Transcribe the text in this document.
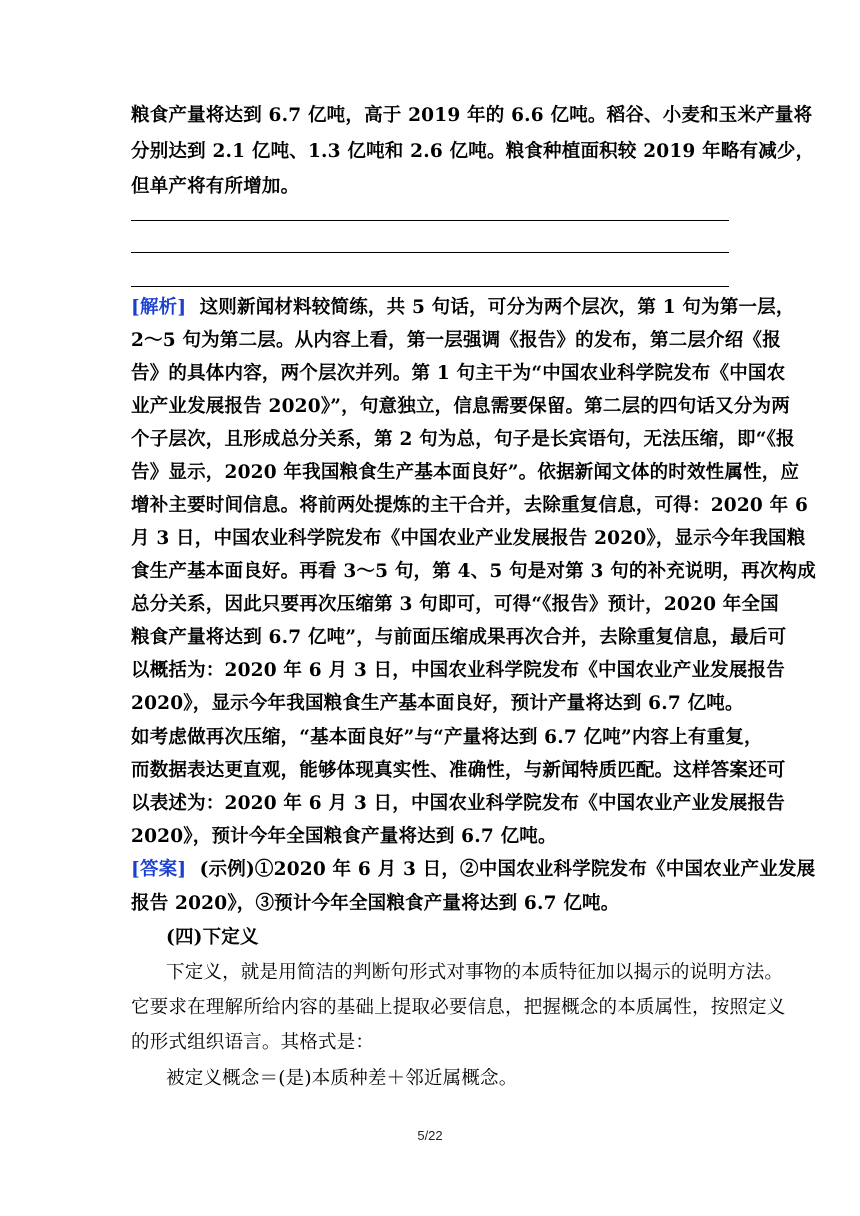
粮食产量将达到 6.7 亿吨，高于 2019 年的 6.6 亿吨。稻谷、小麦和玉米产量将
分别达到 2.1 亿吨、1.3 亿吨和 2.6 亿吨。粮食种植面积较 2019 年略有减少，
但单产将有所增加。
[解析] 这则新闻材料较简练，共 5 句话，可分为两个层次，第 1 句为第一层，
2～5 句为第二层。从内容上看，第一层强调《报告》的发布，第二层介绍《报
告》的具体内容，两个层次并列。第 1 句主干为“中国农业科学院发布《中国农
业产业发展报告 2020》”，句意独立，信息需要保留。第二层的四句话又分为两
个子层次，且形成总分关系，第 2 句为总，句子是长宾语句，无法压缩，即“《报
告》显示，2020 年我国粮食生产基本面良好”。依据新闻文体的时效性属性，应
增补主要时间信息。将前两处提炼的主干合并，去除重复信息，可得：2020 年 6
月 3 日，中国农业科学院发布《中国农业产业发展报告 2020》，显示今年我国粮
食生产基本面良好。再看 3～5 句，第 4、5 句是对第 3 句的补充说明，再次构成
总分关系，因此只要再次压缩第 3 句即可，可得“《报告》预计，2020 年全国
粮食产量将达到 6.7 亿吨”，与前面压缩成果再次合并，去除重复信息，最后可
以概括为：2020 年 6 月 3 日，中国农业科学院发布《中国农业产业发展报告
2020》，显示今年我国粮食生产基本面良好，预计产量将达到 6.7 亿吨。
如考虑做再次压缩，“基本面良好”与“产量将达到 6.7 亿吨”内容上有重复，
而数据表达更直观，能够体现真实性、准确性，与新闻特质匹配。这样答案还可
以表述为：2020 年 6 月 3 日，中国农业科学院发布《中国农业产业发展报告
2020》，预计今年全国粮食产量将达到 6.7 亿吨。
[答案] (示例)①2020 年 6 月 3 日，②中国农业科学院发布《中国农业产业发展
报告 2020》，③预计今年全国粮食产量将达到 6.7 亿吨。
(四)下定义
下定义，就是用简洁的判断句形式对事物的本质特征加以揭示的说明方法。
它要求在理解所给内容的基础上提取必要信息，把握概念的本质属性，按照定义
的形式组织语言。其格式是：
被定义概念＝(是)本质种差＋邻近属概念。
5/22
